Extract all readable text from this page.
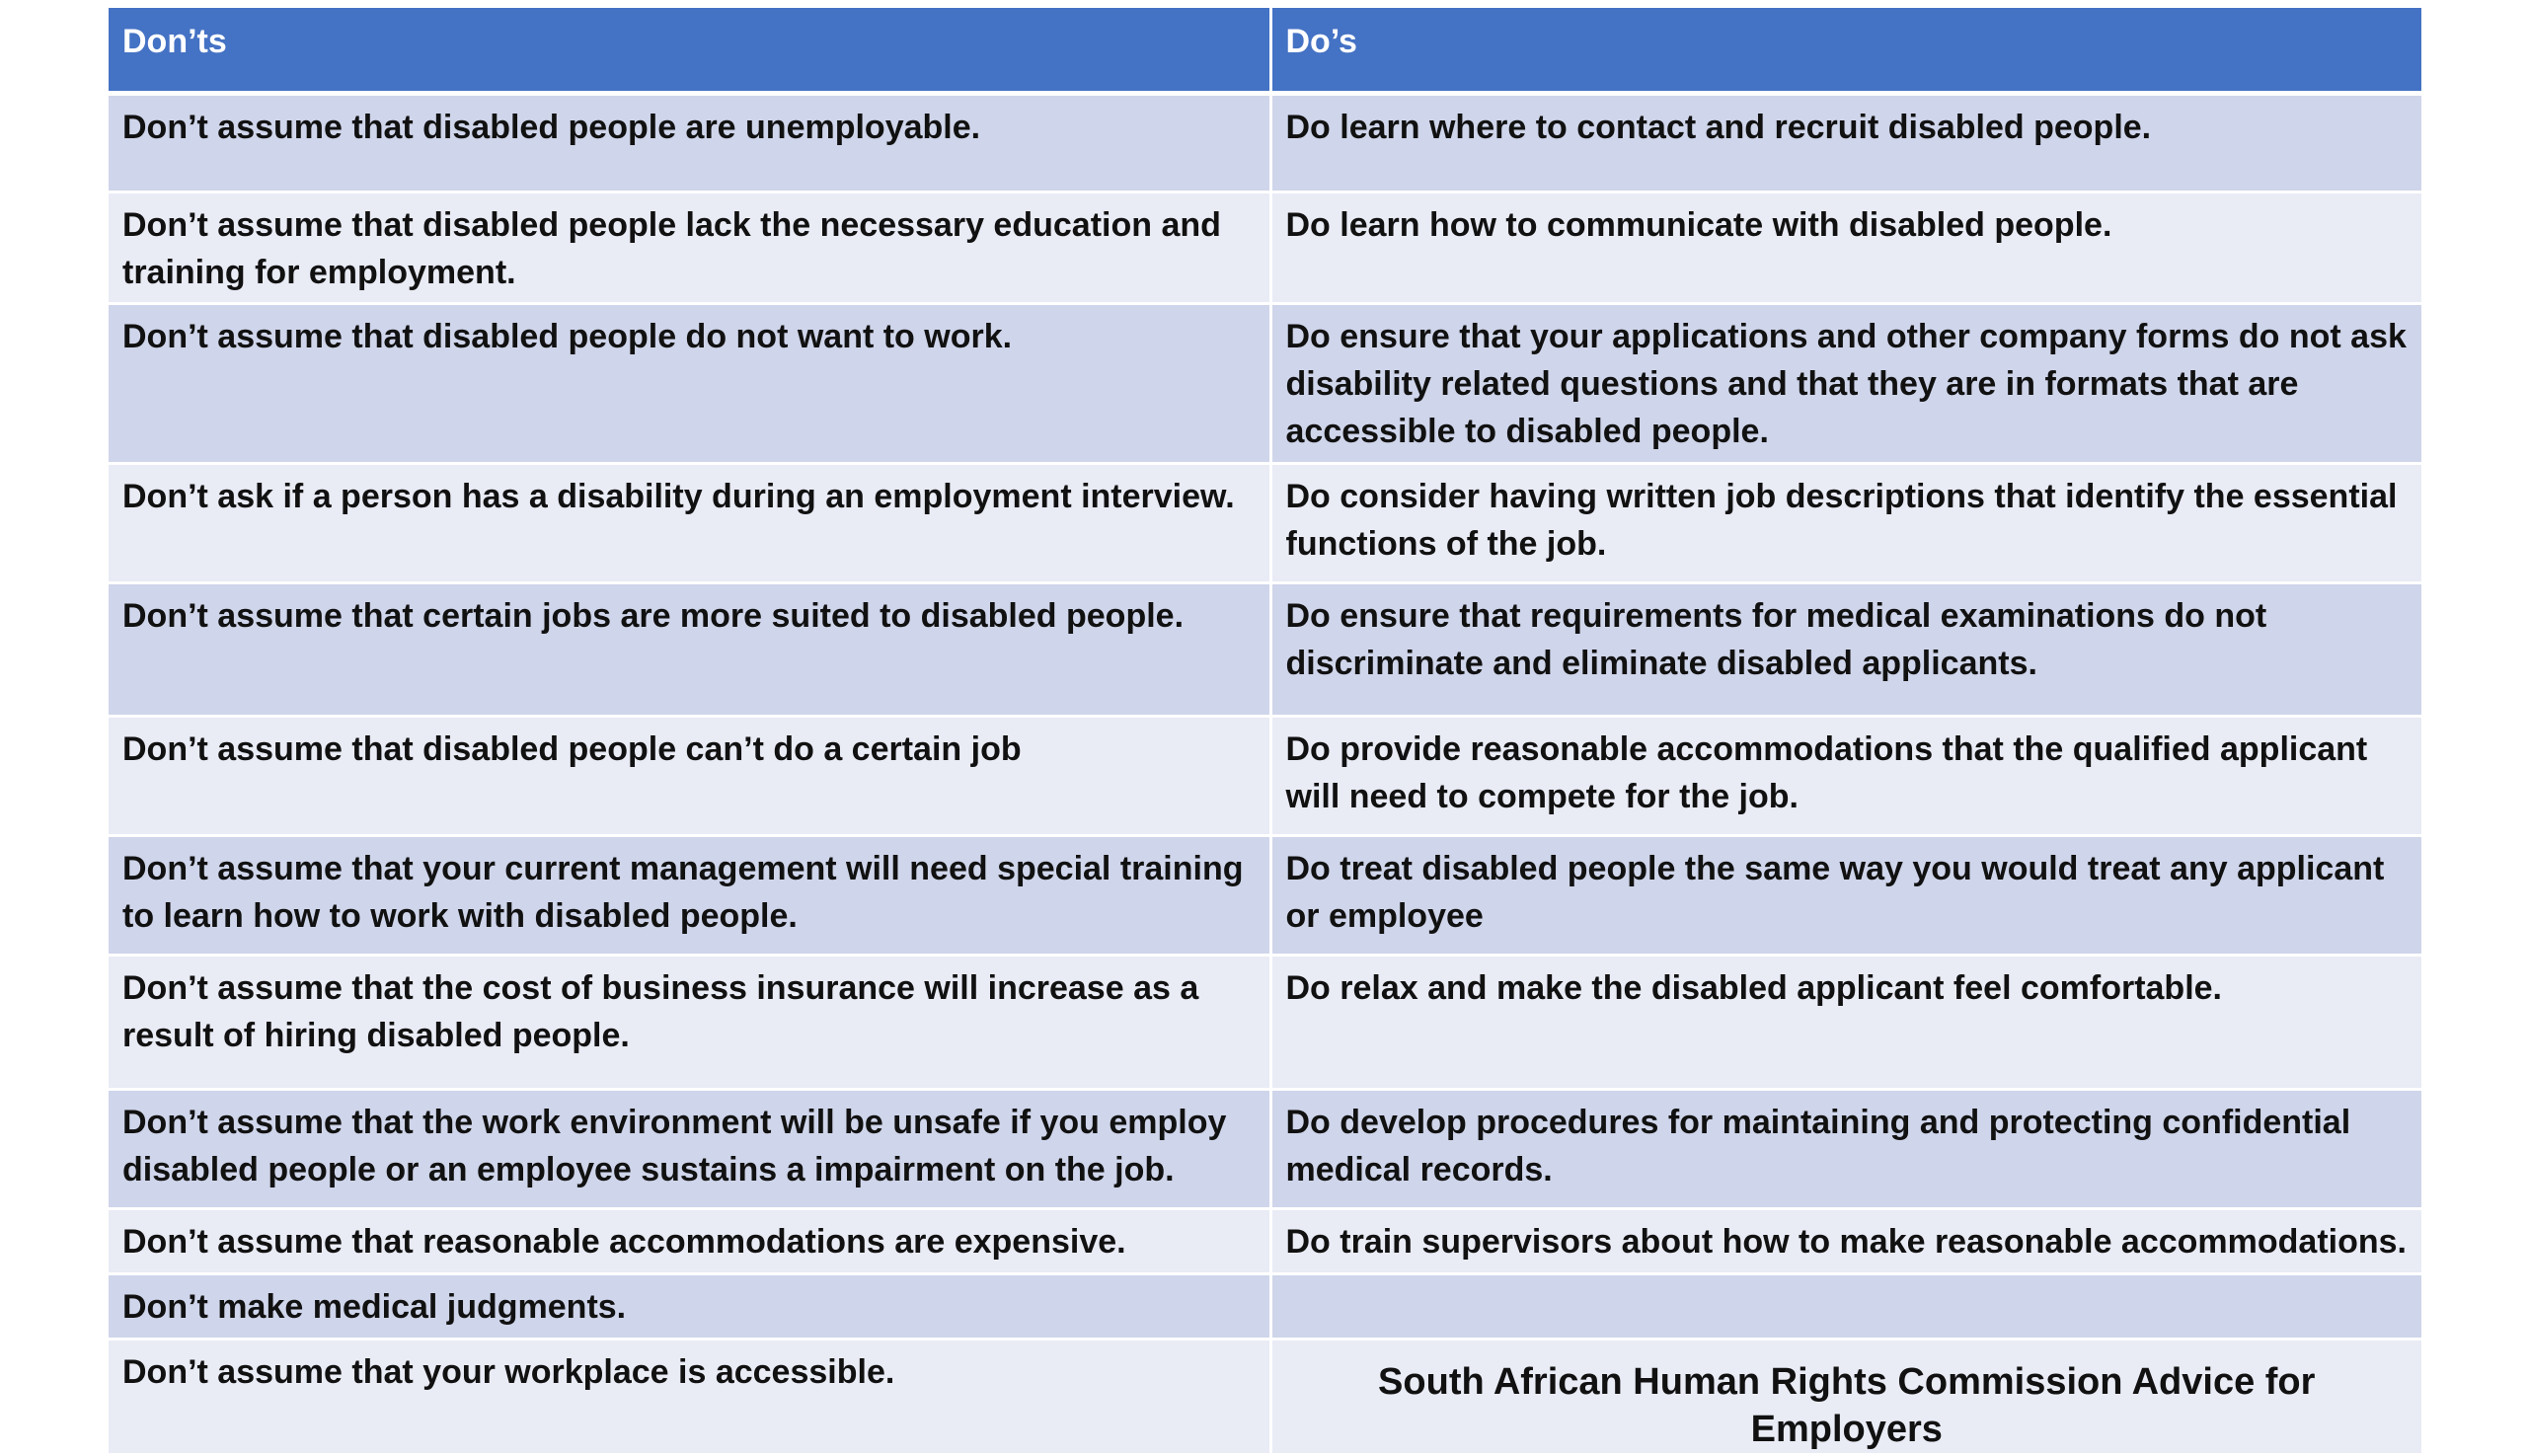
Don’ts	Do’s
Don’t assume that disabled people are unemployable.	Do learn where to contact and recruit disabled people.
Don’t assume that disabled people lack the necessary education and training for employment.	Do learn how to communicate with disabled people.
Don’t assume that disabled people do not want to work.	Do ensure that your applications and other company forms do not ask disability related questions and that they are in formats that are accessible to disabled people.
Don’t ask if a person has a disability during an employment interview.	Do consider having written job descriptions that identify the essential functions of the job.
Don’t assume that certain jobs are more suited to disabled people.	Do ensure that requirements for medical examinations do not discriminate and eliminate disabled applicants.
Don’t assume that disabled people can’t do a certain job	Do provide reasonable accommodations that the qualified applicant will need to compete for the job.
Don’t assume that your current management will need special training to learn how to work with disabled people.	Do treat disabled people the same way you would treat any applicant or employee
Don’t assume that the cost of business insurance will increase as a result of hiring disabled people.	Do relax and make the disabled applicant feel comfortable.
Don’t assume that the work environment will be unsafe if you employ disabled people or an employee sustains a impairment on the job.	Do develop procedures for maintaining and protecting confidential medical records.
Don’t assume that reasonable accommodations are expensive.	Do train supervisors about how to make reasonable accommodations.
Don’t make medical judgments.	
Don’t assume that your workplace is accessible.	South African Human Rights Commission Advice for Employers
